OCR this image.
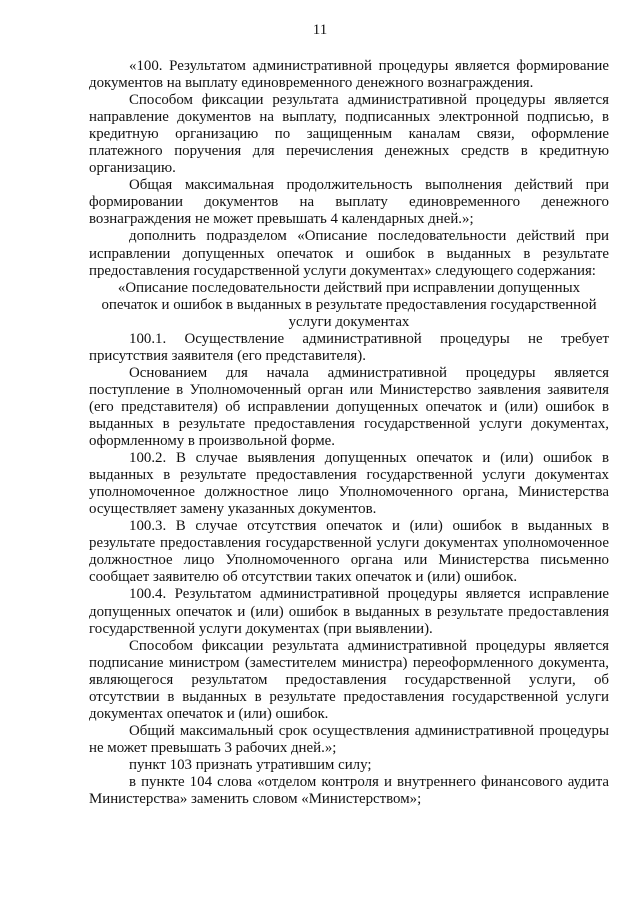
11

«100. Результатом административной процедуры является формирование документов на выплату единовременного денежного вознаграждения.

Способом фиксации результата административной процедуры является направление документов на выплату, подписанных электронной подписью, в кредитную организацию по защищенным каналам связи, оформление платежного поручения для перечисления денежных средств в кредитную организацию.

Общая максимальная продолжительность выполнения действий при формировании документов на выплату единовременного денежного вознаграждения не может превышать 4 календарных дней.»;

дополнить подразделом «Описание последовательности действий при исправлении допущенных опечаток и ошибок в выданных в результате предоставления государственной услуги документах» следующего содержания:

«Описание последовательности действий при исправлении допущенных опечаток и ошибок в выданных в результате предоставления государственной услуги документах

100.1. Осуществление административной процедуры не требует присутствия заявителя (его представителя).

Основанием для начала административной процедуры является поступление в Уполномоченный орган или Министерство заявления заявителя (его представителя) об исправлении допущенных опечаток и (или) ошибок в выданных в результате предоставления государственной услуги документах, оформленному в произвольной форме.

100.2. В случае выявления допущенных опечаток и (или) ошибок в выданных в результате предоставления государственной услуги документах уполномоченное должностное лицо Уполномоченного органа, Министерства осуществляет замену указанных документов.

100.3. В случае отсутствия опечаток и (или) ошибок в выданных в результате предоставления государственной услуги документах уполномоченное должностное лицо Уполномоченного органа или Министерства письменно сообщает заявителю об отсутствии таких опечаток и (или) ошибок.

100.4. Результатом административной процедуры является исправление допущенных опечаток и (или) ошибок в выданных в результате предоставления государственной услуги документах (при выявлении).

Способом фиксации результата административной процедуры является подписание министром (заместителем министра) переоформленного документа, являющегося результатом предоставления государственной услуги, об отсутствии в выданных в результате предоставления государственной услуги документах опечаток и (или) ошибок.

Общий максимальный срок осуществления административной процедуры не может превышать 3 рабочих дней.»;

пункт 103 признать утратившим силу;

в пункте 104 слова «отделом контроля и внутреннего финансового аудита Министерства» заменить словом «Министерством»;
